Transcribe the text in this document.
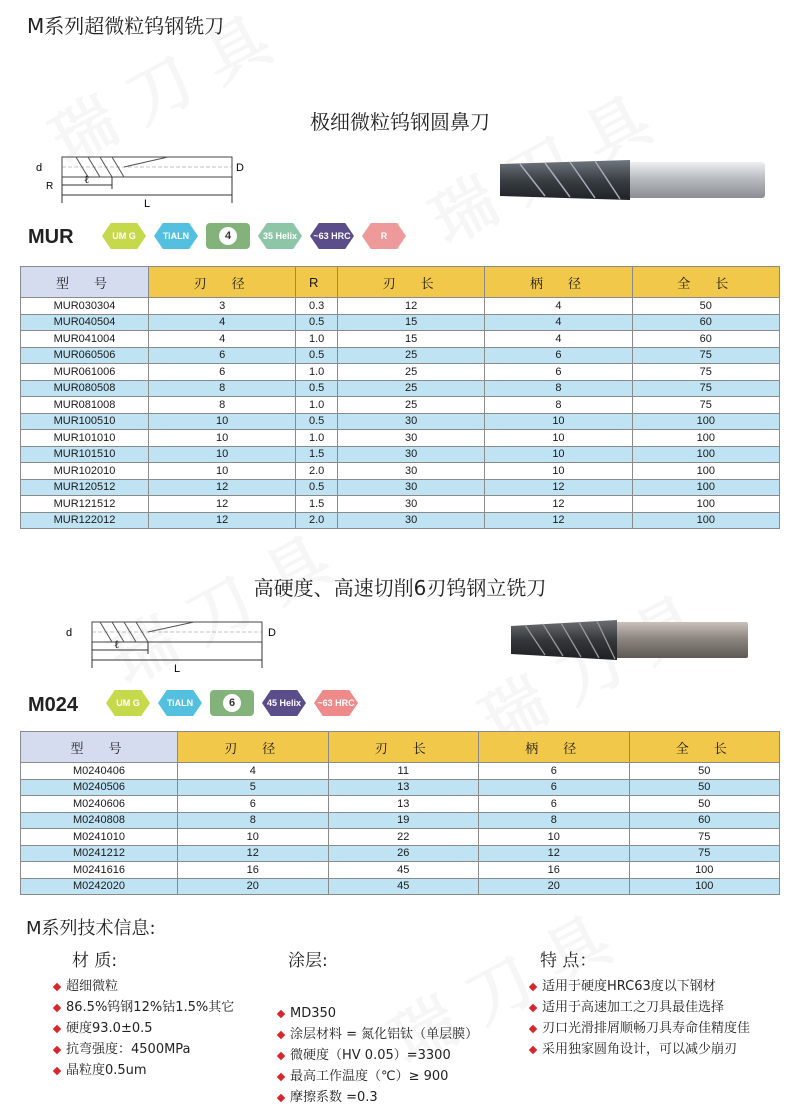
M系列超微粒钨钢铣刀
极细微粒钨钢圆鼻刀
d
R
ℓ
L
D
MUR	UM G	TiALN	4	35 Helix ~63 HRC	R
型　号	刃　径	R	刃　长	柄　径	全　长
MUR030304	3	0.3	12	4	50
MUR040504	4	0.5	15	4	60
MUR041004	4	1.0	15	4	60
MUR060506	6	0.5	25	6	75
MUR061006	6	1.0	25	6	75
MUR080508	8	0.5	25	8	75
MUR081008	8	1.0	25	8	75
MUR100510	10	0.5	30	10	100
MUR101010	10	1.0	30	10	100
MUR101510	10	1.5	30	10	100
MUR102010	10	2.0	30	10	100
MUR120512	12	0.5	30	12	100
MUR121512	12	1.5	30	12	100
MUR122012	12	2.0	30	12	100
高硬度、高速切削6刃钨钢立铣刀
d
ℓ
L
D
M024	UM G	TiALN	6	45 Helix ~63 HRC
型　号	刃　径	刃　长	柄　径	全　长
M0240406	4	11	6	50
M0240506	5	13	6	50
M0240606	6	13	6	50
M0240808	8	19	8	60
M0241010	10	22	10	75
M0241212	12	26	12	75
M0241616	16	45	16	100
M0242020	20	45	20	100
M系列技术信息:
材 质:
超细微粒
86.5%钨钢12%钴1.5%其它
硬度93.0±0.5
抗弯强度：4500MPa
晶粒度0.5um
涂层:
MD350
涂层材料 = 氮化铝钛（单层膜）
微硬度（HV 0.05）=3300
最高工作温度（℃）≥ 900
摩擦系数 =0.3
特 点：
适用于硬度HRC63度以下钢材
适用于高速加工之刀具最佳选择
刃口光滑排屑顺畅刀具寿命佳精度佳
采用独家圆角设计，可以减少崩刃
